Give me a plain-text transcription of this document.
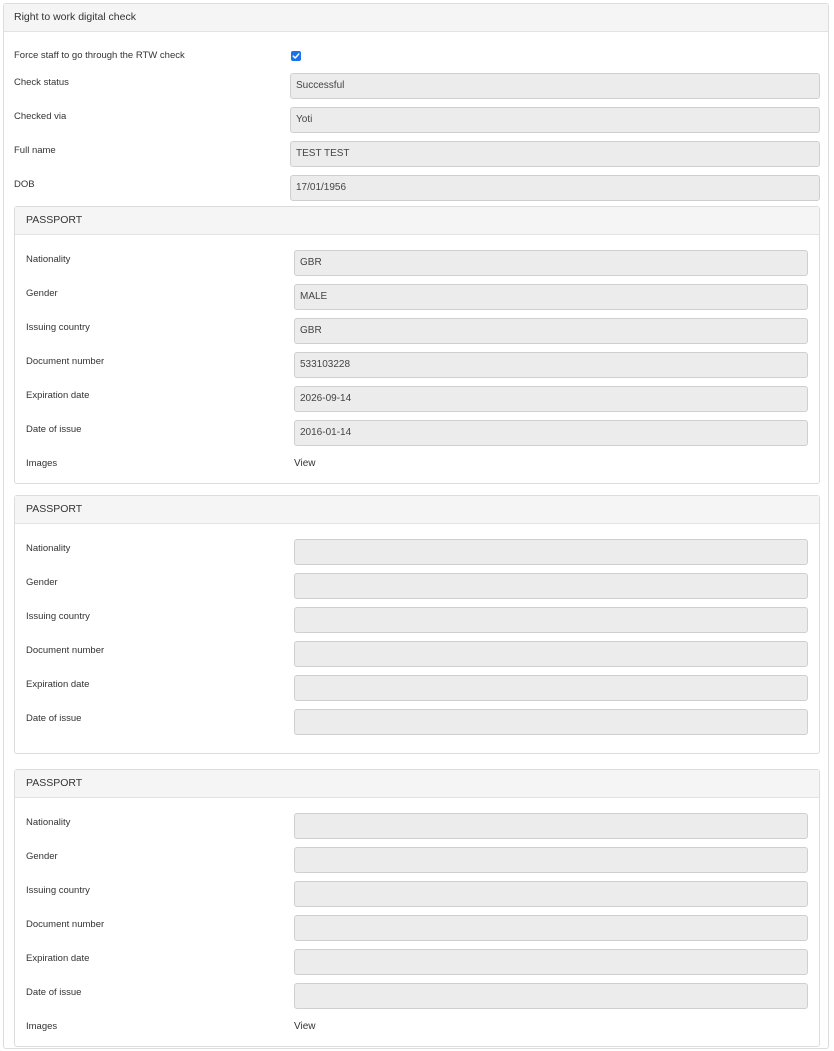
Right to work digital check
Force staff to go through the RTW check
Check status	Successful
Checked via	Yoti
Full name	TEST TEST
DOB	17/01/1956
PASSPORT
Nationality	GBR
Gender	MALE
Issuing country	GBR
Document number	533103228
Expiration date	2026-09-14
Date of issue	2016-01-14
Images	View
PASSPORT
Nationality
Gender
Issuing country
Document number
Expiration date
Date of issue
PASSPORT
Nationality
Gender
Issuing country
Document number
Expiration date
Date of issue
Images	View
